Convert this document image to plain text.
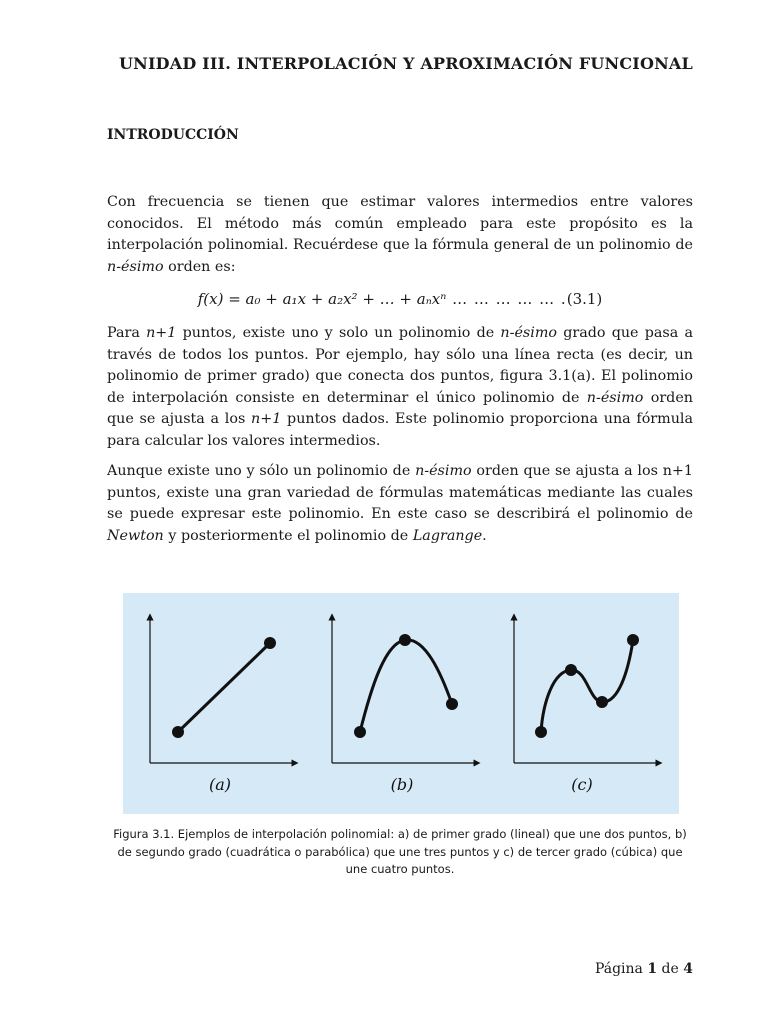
UNIDAD III. INTERPOLACIÓN Y APROXIMACIÓN FUNCIONAL
INTRODUCCIÓN
Con frecuencia se tienen que estimar valores intermedios entre valores conocidos. El método más común empleado para este propósito es la interpolación polinomial. Recuérdese que la fórmula general de un polinomio de n-ésimo orden es:
f(x) = a₀ + a₁x + a₂x² + … + aₙxⁿ … … … … … .(3.1)
Para n+1 puntos, existe uno y solo un polinomio de n-ésimo grado que pasa a través de todos los puntos. Por ejemplo, hay sólo una línea recta (es decir, un polinomio de primer grado) que conecta dos puntos, figura 3.1(a). El polinomio de interpolación consiste en determinar el único polinomio de n-ésimo orden que se ajusta a los n+1 puntos dados. Este polinomio proporciona una fórmula para calcular los valores intermedios.
Aunque existe uno y sólo un polinomio de n-ésimo orden que se ajusta a los n+1 puntos, existe una gran variedad de fórmulas matemáticas mediante las cuales se puede expresar este polinomio. En este caso se describirá el polinomio de Newton y posteriormente el polinomio de Lagrange.
(a)	(b)	(c)
Figura 3.1. Ejemplos de interpolación polinomial: a) de primer grado (lineal) que une dos puntos, b) de segundo grado (cuadrática o parabólica) que une tres puntos y c) de tercer grado (cúbica) que une cuatro puntos.
Página 1 de 4
